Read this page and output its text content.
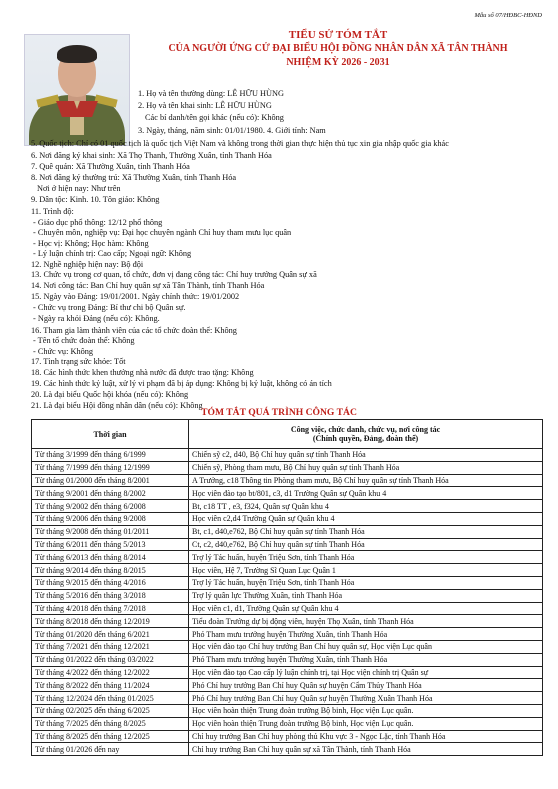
Mẫu số 07/HĐBC-HĐND
TIỂU SỬ TÓM TẮT
CỦA NGƯỜI ỨNG CỬ ĐẠI BIỂU HỘI ĐỒNG NHÂN DÂN XÃ TÂN THÀNH
NHIỆM KỲ 2026 - 2031
1. Họ và tên thường dùng: LÊ HỮU HÙNG
2. Họ và tên khai sinh: LÊ HỮU HÙNG
Các bí danh/tên gọi khác (nếu có): Không
3. Ngày, tháng, năm sinh: 01/01/1980. 4. Giới tính: Nam
5. Quốc tịch: Chỉ có 01 quốc tịch là quốc tịch Việt Nam và không trong thời gian thực hiện thủ tục xin gia nhập quốc gia khác
6. Nơi đăng ký khai sinh: Xã Thọ Thanh, Thường Xuân, tỉnh Thanh Hóa
7. Quê quán: Xã Thường Xuân, tỉnh Thanh Hóa
8. Nơi đăng ký thường trú: Xã Thường Xuân, tỉnh Thanh Hóa
Nơi ở hiện nay: Như trên
9. Dân tộc: Kinh. 10. Tôn giáo: Không
11. Trình độ:
- Giáo dục phổ thông: 12/12 phổ thông
- Chuyên môn, nghiệp vụ: Đại học chuyên ngành Chỉ huy tham mưu lục quân
- Học vị: Không; Học hàm: Không
- Lý luận chính trị: Cao cấp; Ngoại ngữ: Không
12. Nghề nghiệp hiện nay: Bộ đội
13. Chức vụ trong cơ quan, tổ chức, đơn vị đang công tác: Chỉ huy trưởng Quân sự xã
14. Nơi công tác: Ban Chỉ huy quân sự xã Tân Thành, tỉnh Thanh Hóa
15. Ngày vào Đảng: 19/01/2001. Ngày chính thức: 19/01/2002
- Chức vụ trong Đảng: Bí thư chi bộ Quân sự.
- Ngày ra khỏi Đảng (nếu có): Không.
16. Tham gia làm thành viên của các tổ chức đoàn thể: Không
- Tên tổ chức đoàn thể: Không
- Chức vụ: Không
17. Tình trạng sức khỏe: Tốt
18. Các hình thức khen thưởng nhà nước đã được trao tặng: Không
19. Các hình thức kỷ luật, xử lý vi phạm đã bị áp dụng: Không bị kỷ luật, không có án tích
20. Là đại biểu Quốc hội khóa (nếu có): Không
21. Là đại biểu Hội đồng nhân dân (nếu có): Không
TÓM TẮT QUÁ TRÌNH CÔNG TÁC
Thời gian	Công việc, chức danh, chức vụ, nơi công tác
(Chính quyền, Đảng, đoàn thể)
Từ tháng 3/1999 đến tháng 6/1999	Chiến sỹ c2, d40, Bộ Chỉ huy quân sự tỉnh Thanh Hóa
Từ tháng 7/1999 đến tháng 12/1999	Chiến sỹ, Phòng tham mưu, Bộ Chỉ huy quân sự tỉnh Thanh Hóa
Từ tháng 01/2000 đến tháng 8/2001	A Trưởng, c18 Thông tin Phòng tham mưu, Bộ Chỉ huy quân sự tỉnh Thanh Hóa
Từ tháng 9/2001 đến tháng 8/2002	Học viên đào tạo bt/801, c3, d1 Trường Quân sự Quân khu 4
Từ tháng 9/2002 đến tháng 6/2008	Bt, c18 TT , e3, f324, Quân sự Quân khu 4
Từ tháng 9/2006 đến tháng 9/2008	Học viên c2,d4 Trường Quân sự Quân khu 4
Từ tháng 9/2008 đến tháng 01/2011	Bt, c1, d40,e762, Bộ Chỉ huy quân sự tỉnh Thanh Hóa
Từ tháng 6/2011 đến tháng 5/2013	Ct, c2, d40,e762, Bộ Chỉ huy quân sự tỉnh Thanh Hóa
Từ tháng 6/2013 đến tháng 8/2014	Trợ lý Tác huấn, huyện Triệu Sơn, tỉnh Thanh Hóa
Từ tháng 9/2014 đến tháng 8/2015	Học viên, Hệ 7, Trường Sĩ Quan Lục Quân 1
Từ tháng 9/2015 đến tháng 4/2016	Trợ lý Tác huấn, huyện Triệu Sơn, tỉnh Thanh Hóa
Từ tháng 5/2016 đến tháng 3/2018	Trợ lý quân lực Thường Xuân, tỉnh Thanh Hóa
Từ tháng 4/2018 đến tháng 7/2018	Học viên c1, d1, Trường Quân sự Quân khu 4
Từ tháng 8/2018 đến tháng 12/2019	Tiểu đoàn Trưởng dự bị động viên, huyện Thọ Xuân, tỉnh Thanh Hóa
Từ tháng 01/2020 đến tháng 6/2021	Phó Tham mưu trưởng huyện Thường Xuân, tỉnh Thanh Hóa
Từ tháng 7/2021 đến tháng 12/2021	Học viên đào tạo Chỉ huy trưởng Ban Chỉ huy quân sự, Học viện Lục quân
Từ tháng 01/2022 đến tháng 03/2022	Phó Tham mưu trưởng huyện Thường Xuân, tỉnh Thanh Hóa
Từ tháng 4/2022 đến tháng 12/2022	Học viên đào tạo Cao cấp lý luận chính trị, tại Học viện chính trị Quân sự
Từ tháng 8/2022 đến tháng 11/2024	Phó Chỉ huy trưởng Ban Chỉ huy Quân sự huyện Cẩm Thủy Thanh Hóa
Từ tháng 12/2024 đến tháng 01/2025	Phó Chỉ huy trưởng Ban Chỉ huy Quân sự huyện Thường Xuân Thanh Hóa
Từ tháng 02/2025 đến tháng 6/2025	Học viên hoàn thiện Trung đoàn trưởng Bộ binh, Học viện Lục quân.
Từ tháng 7/2025 đến tháng 8/2025	Học viên hoàn thiện Trung đoàn trưởng Bộ binh, Học viện Lục quân.
Từ tháng 8/2025 đến tháng 12/2025	Chỉ huy trưởng Ban Chỉ huy phòng thủ Khu vực 3 - Ngọc Lặc, tỉnh Thanh Hóa
Từ tháng 01/2026 đến nay	Chỉ huy trưởng Ban Chỉ huy quân sự xã Tân Thành, tỉnh Thanh Hóa
